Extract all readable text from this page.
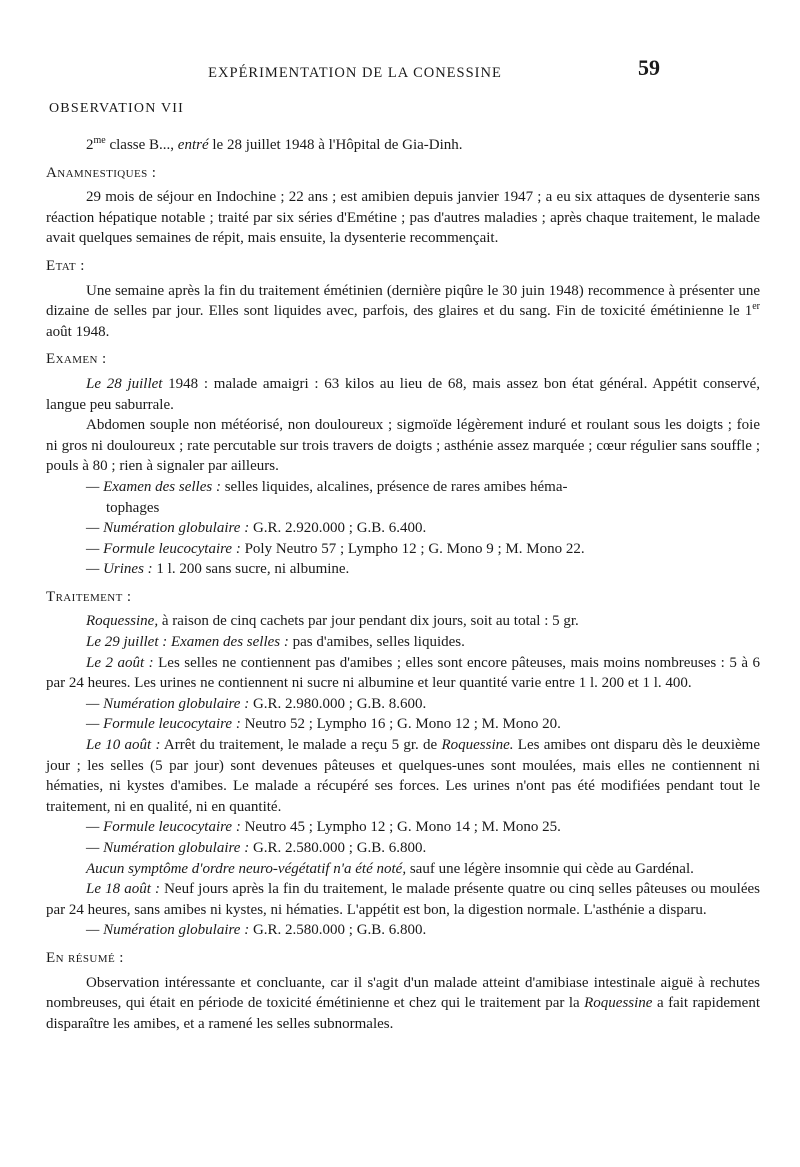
EXPÉRIMENTATION DE LA CONESSINE	59
OBSERVATION VII

$2^{me}$ classe B..., entré le 28 juillet 1948 à l'Hôpital de Gia-Dinh.

Anamnestiques :

29 mois de séjour en Indochine ; 22 ans ; est amibien depuis janvier 1947 ; a eu six attaques de dysenterie sans réaction hépatique notable ; traité par six séries d'Emétine ; pas d'autres maladies ; après chaque traitement, le malade avait quelques semaines de répit, mais ensuite, la dysenterie recommençait.

Etat :

Une semaine après la fin du traitement émétinien (dernière piqûre le 30 juin 1948) recommence à présenter une dizaine de selles par jour. Elles sont liquides avec, parfois, des glaires et du sang. Fin de toxicité émétinienne le 1er août 1948.

Examen :

Le 28 juillet 1948 : malade amaigri : 63 kilos au lieu de 68, mais assez bon état général. Appétit conservé, langue peu saburrale.

Abdomen souple non météorisé, non douloureux ; sigmoïde légèrement induré et roulant sous les doigts ; foie ni gros ni douloureux ; rate percutable sur trois travers de doigts ; asthénie assez marquée ; cœur régulier sans souffle ; pouls à 80 ; rien à signaler par ailleurs.

— Examen des selles : selles liquides, alcalines, présence de rares amibes héma-

tophages

— Numération globulaire : G.R. 2.920.000 ; G.B. 6.400.

— Formule leucocytaire : Poly Neutro 57 ; Lympho 12 ; G. Mono 9 ; M. Mono 22.

— Urines : 1 l. 200 sans sucre, ni albumine.

Traitement :

Roquessine, à raison de cinq cachets par jour pendant dix jours, soit au total : 5 gr.

Le 29 juillet : Examen des selles : pas d'amibes, selles liquides.

Le 2 août : Les selles ne contiennent pas d'amibes ; elles sont encore pâteuses, mais moins nombreuses : 5 à 6 par 24 heures. Les urines ne contiennent ni sucre ni albumine et leur quantité varie entre 1 l. 200 et 1 l. 400.

— Numération globulaire : G.R. 2.980.000 ; G.B. 8.600.

— Formule leucocytaire : Neutro 52 ; Lympho 16 ; G. Mono 12 ; M. Mono 20.

Le 10 août : Arrêt du traitement, le malade a reçu 5 gr. de Roquessine. Les amibes ont disparu dès le deuxième jour ; les selles (5 par jour) sont devenues pâteuses et quelques-unes sont moulées, mais elles ne contiennent ni hématies, ni kystes d'amibes. Le malade a récupéré ses forces. Les urines n'ont pas été modifiées pendant tout le traitement, ni en qualité, ni en quantité.

— Formule leucocytaire : Neutro 45 ; Lympho 12 ; G. Mono 14 ; M. Mono 25.

— Numération globulaire : G.R. 2.580.000 ; G.B. 6.800.

Aucun symptôme d'ordre neuro-végétatif n'a été noté, sauf une légère insomnie qui cède au Gardénal.

Le 18 août : Neuf jours après la fin du traitement, le malade présente quatre ou cinq selles pâteuses ou moulées par 24 heures, sans amibes ni kystes, ni hématies. L'appétit est bon, la digestion normale. L'asthénie a disparu.

— Numération globulaire : G.R. 2.580.000 ; G.B. 6.800.

En résumé :

Observation intéressante et concluante, car il s'agit d'un malade atteint d'amibiase intestinale aiguë à rechutes nombreuses, qui était en période de toxicité émétinienne et chez qui le traitement par la Roquessine a fait rapidement disparaître les amibes, et a ramené les selles subnormales.
